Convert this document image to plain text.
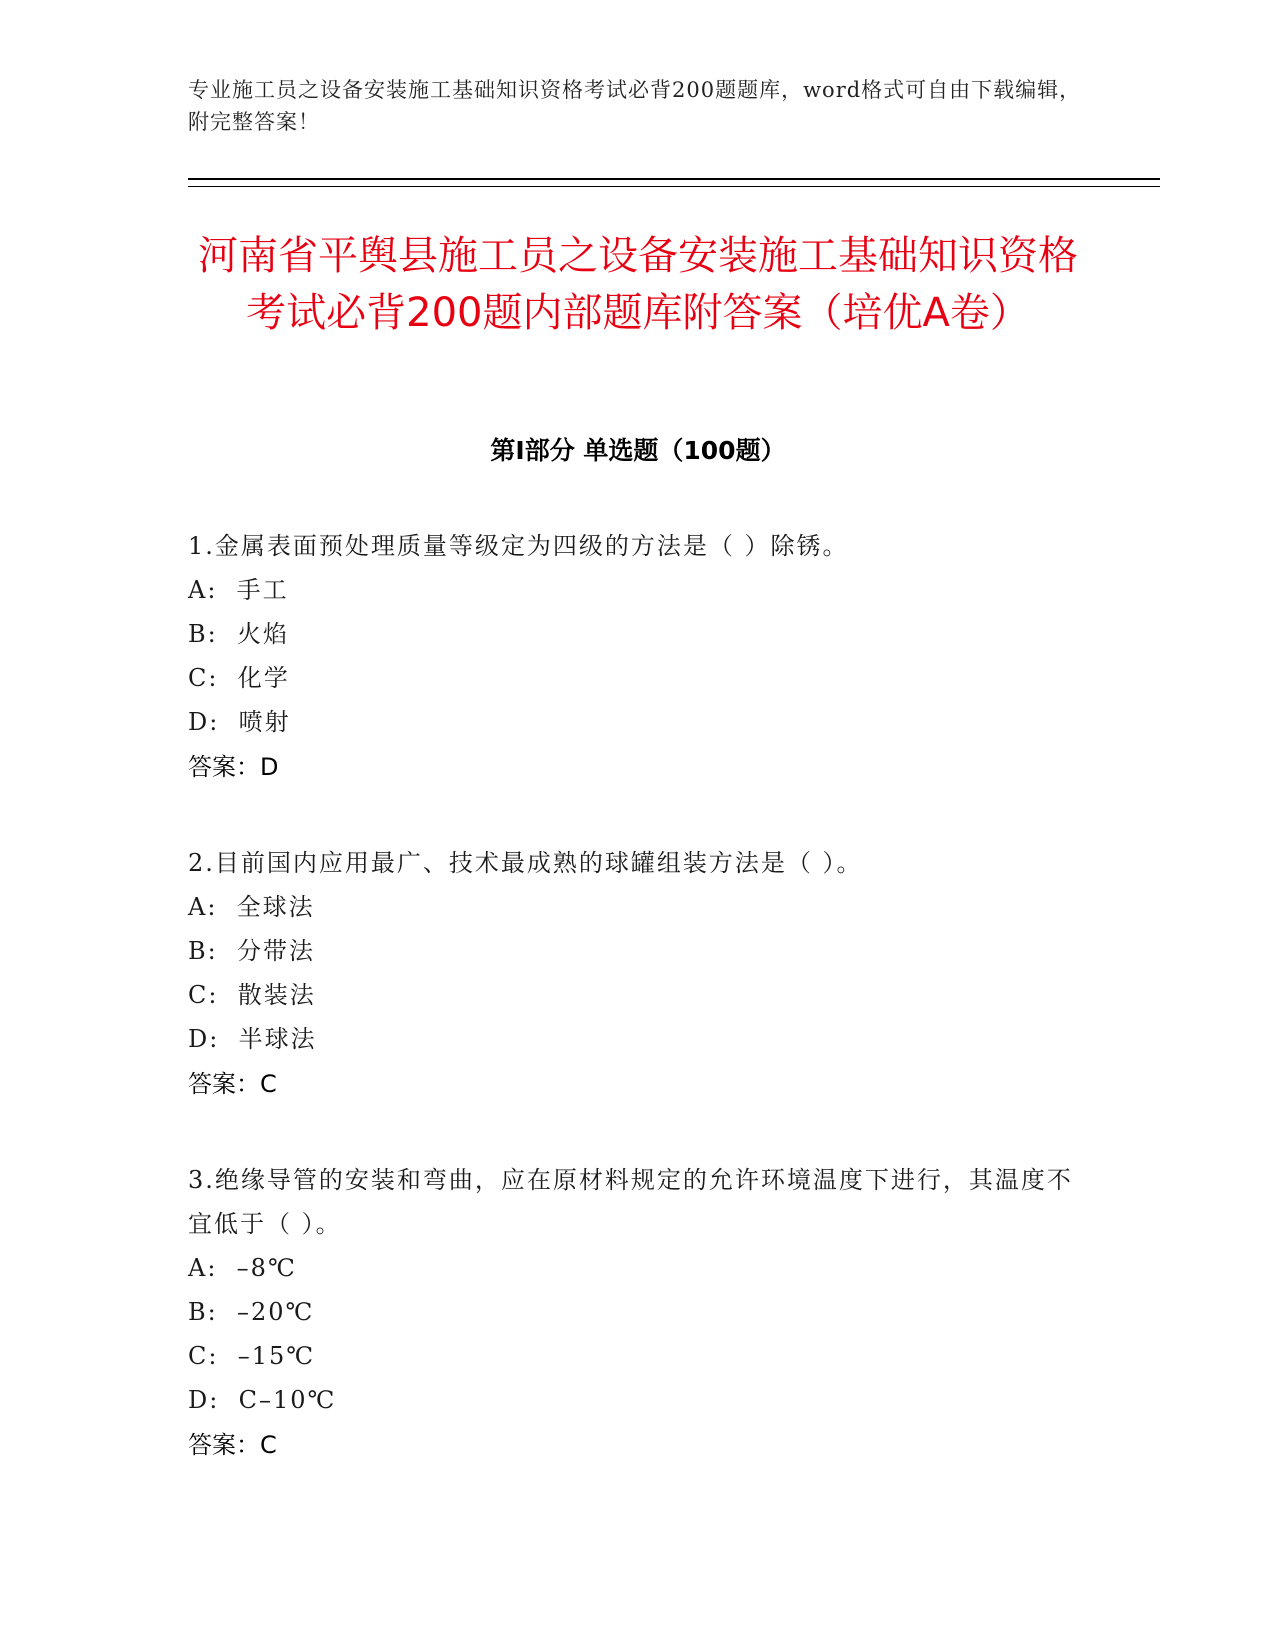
专业施工员之设备安装施工基础知识资格考试必背200题题库，word格式可自由下载编辑，附完整答案！
河南省平舆县施工员之设备安装施工基础知识资格考试必背200题内部题库附答案（培优A卷）
第Ⅰ部分 单选题（100题）
1.金属表面预处理质量等级定为四级的方法是（ ）除锈。
A:  手工
B:  火焰
C:  化学
D:  喷射
答案：D
2.目前国内应用最广、技术最成熟的球罐组装方法是（ ）。
A:  全球法
B:  分带法
C:  散装法
D:  半球法
答案：C
3.绝缘导管的安装和弯曲，应在原材料规定的允许环境温度下进行，其温度不宜低于（ ）。
A:  –8℃
B:  –20℃
C:  –15℃
D:  C–10℃
答案：C
